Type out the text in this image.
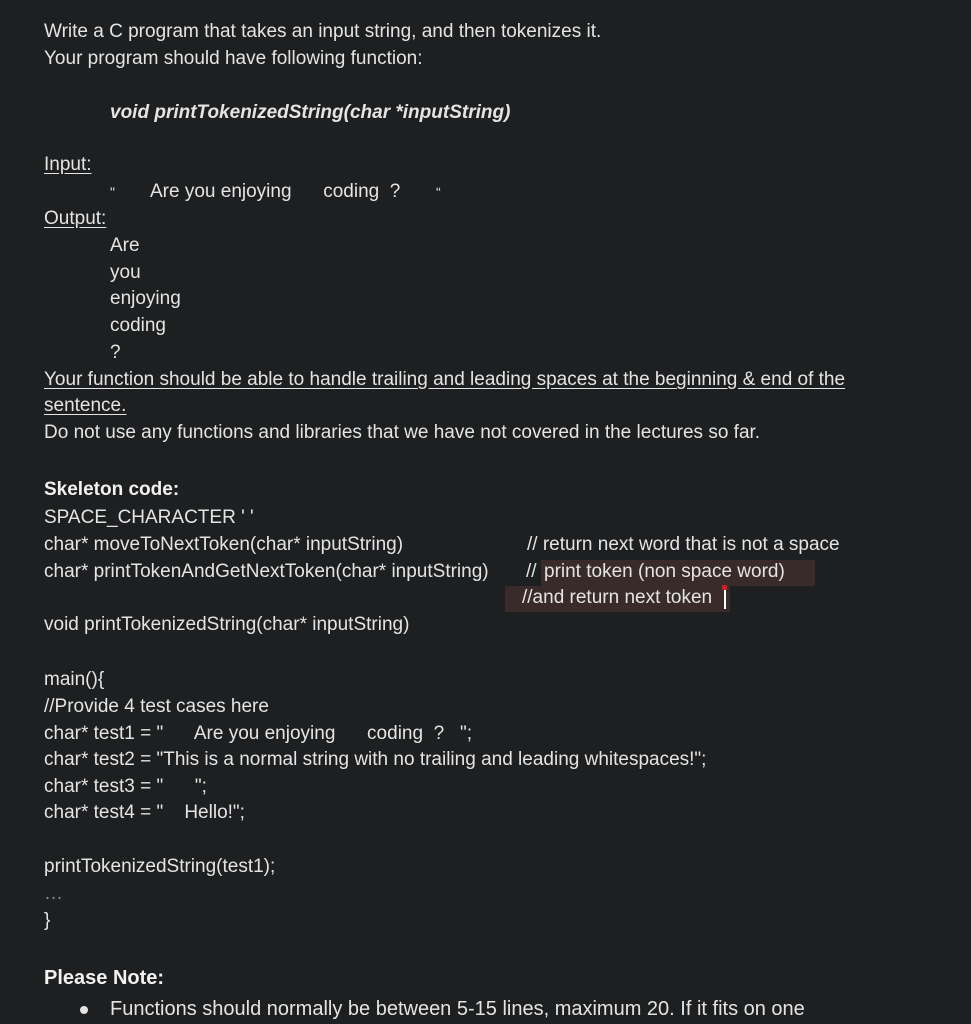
Write a C program that takes an input string, and then tokenizes it.
Your program should have following function:
void printTokenizedString(char *inputString)
Input:
" Are you enjoying      coding  ?	“
Output:
Are
you
enjoying
coding
?
Your function should be able to handle trailing and leading spaces at the beginning & end of the
sentence.
Do not use any functions and libraries that we have not covered in the lectures so far.
Skeleton code:
SPACE_CHARACTER ' '
char* moveToNextToken(char* inputString)	// return next word that is not a space
char* printTokenAndGetNextToken(char* inputString) // print token (non space word)
//and return next token
void printTokenizedString(char* inputString)
main(){
//Provide 4 test cases here
char* test1 = "      Are you enjoying      coding  ?   ";
char* test2 = "This is a normal string with no trailing and leading whitespaces!";
char* test3 = "      ";
char* test4 = "    Hello!";
printTokenizedString(test1);
…
}
Please Note:
Functions should normally be between 5-15 lines, maximum 20. If it fits on one
